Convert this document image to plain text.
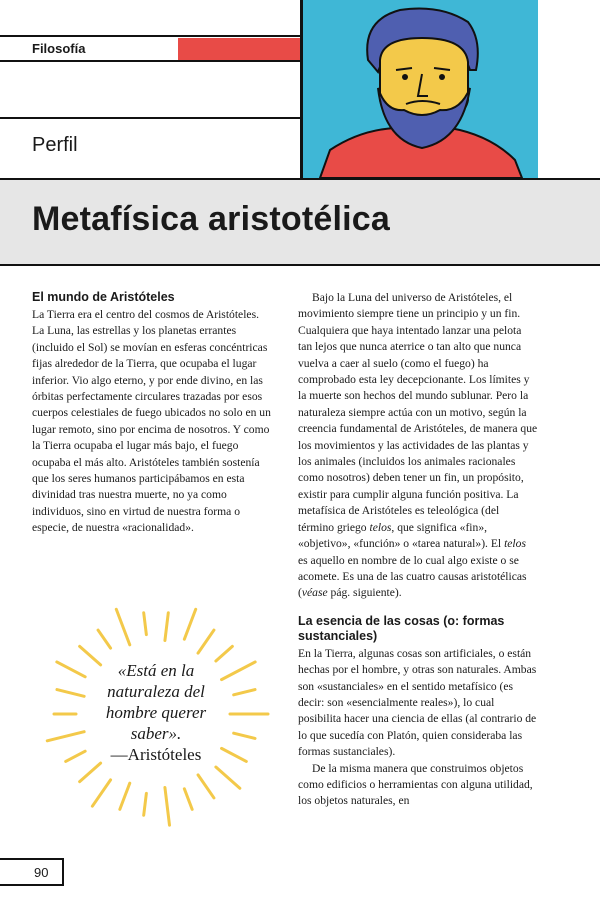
Filosofía
Perfil
Metafísica aristotélica
El mundo de Aristóteles

La Tierra era el centro del cosmos de Aristóteles. La Luna, las estrellas y los planetas errantes (incluido el Sol) se movían en esferas concéntricas fijas alrededor de la Tierra, que ocupaba el lugar inferior. Vio algo eterno, y por ende divino, en las órbitas perfectamente circulares trazadas por esos cuerpos celestiales de fuego ubicados no solo en un lugar remoto, sino por encima de nosotros. Y como la Tierra ocupaba el lugar más bajo, el fuego ocupaba el más alto. Aristóteles también sostenía que los seres humanos participábamos en esta divinidad tras nuestra muerte, no ya como individuos, sino en virtud de nuestra forma o especie, de nuestra «racionalidad».

«Está en la naturaleza del hombre querer saber».
—Aristóteles

Bajo la Luna del universo de Aristóteles, el movimiento siempre tiene un principio y un fin. Cualquiera que haya intentado lanzar una pelota tan lejos que nunca aterrice o tan alto que nunca vuelva a caer al suelo (como el fuego) ha comprobado esta ley decepcionante. Los límites y la muerte son hechos del mundo sublunar. Pero la naturaleza siempre actúa con un motivo, según la creencia fundamental de Aristóteles, de manera que los movimientos y las actividades de las plantas y los animales (incluidos los animales racionales como nosotros) deben tener un fin, un propósito, existir para cumplir alguna función positiva. La metafísica de Aristóteles es teleológica (del término griego telos, que significa «fin», «objetivo», «función» o «tarea natural»). El telos es aquello en nombre de lo cual algo existe o se acomete. Es una de las cuatro causas aristotélicas (véase pág. siguiente).

La esencia de las cosas (o: formas sustanciales)

En la Tierra, algunas cosas son artificiales, o están hechas por el hombre, y otras son naturales. Ambas son «sustanciales» en el sentido metafísico (es decir: son «esencialmente reales»), lo cual posibilita hacer una ciencia de ellas (al contrario de lo que sucedía con Platón, quien consideraba las formas sustanciales).

De la misma manera que construimos objetos como edificios o herramientas con alguna utilidad, los objetos naturales, en

90
